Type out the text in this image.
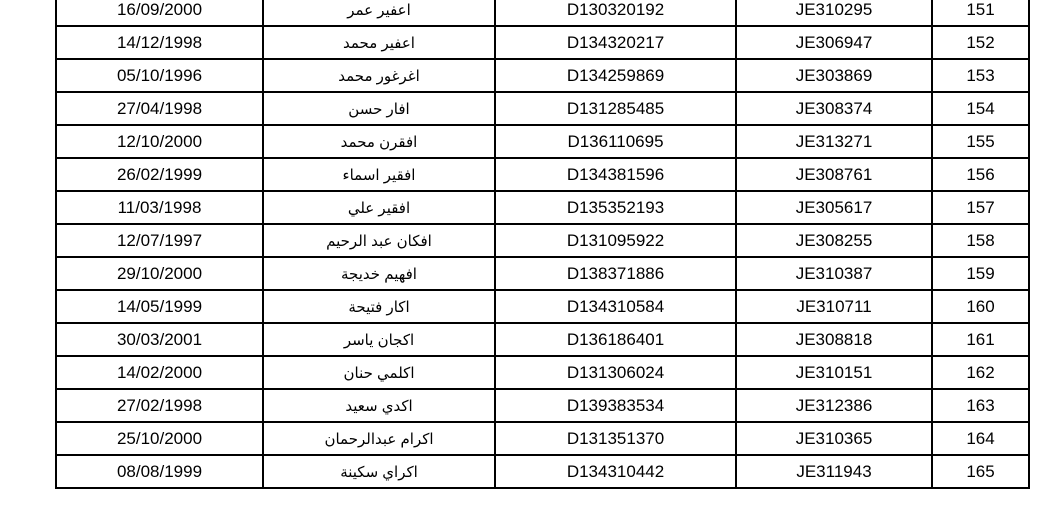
16/09/2000	اعفير عمر	D130320192	JE310295	151
14/12/1998	اعفير محمد	D134320217	JE306947	152
05/10/1996	اغرغور محمد	D134259869	JE303869	153
27/04/1998	افار حسن	D131285485	JE308374	154
12/10/2000	افقرن محمد	D136110695	JE313271	155
26/02/1999	افقير اسماء	D134381596	JE308761	156
11/03/1998	افقير علي	D135352193	JE305617	157
12/07/1997	افكان عبد الرحيم	D131095922	JE308255	158
29/10/2000	افهيم خديجة	D138371886	JE310387	159
14/05/1999	اكار فتيحة	D134310584	JE310711	160
30/03/2001	اكجان ياسر	D136186401	JE308818	161
14/02/2000	اكلمي حنان	D131306024	JE310151	162
27/02/1998	اكدي سعيد	D139383534	JE312386	163
25/10/2000	اكرام عبدالرحمان	D131351370	JE310365	164
08/08/1999	اكراي سكينة	D134310442	JE311943	165
